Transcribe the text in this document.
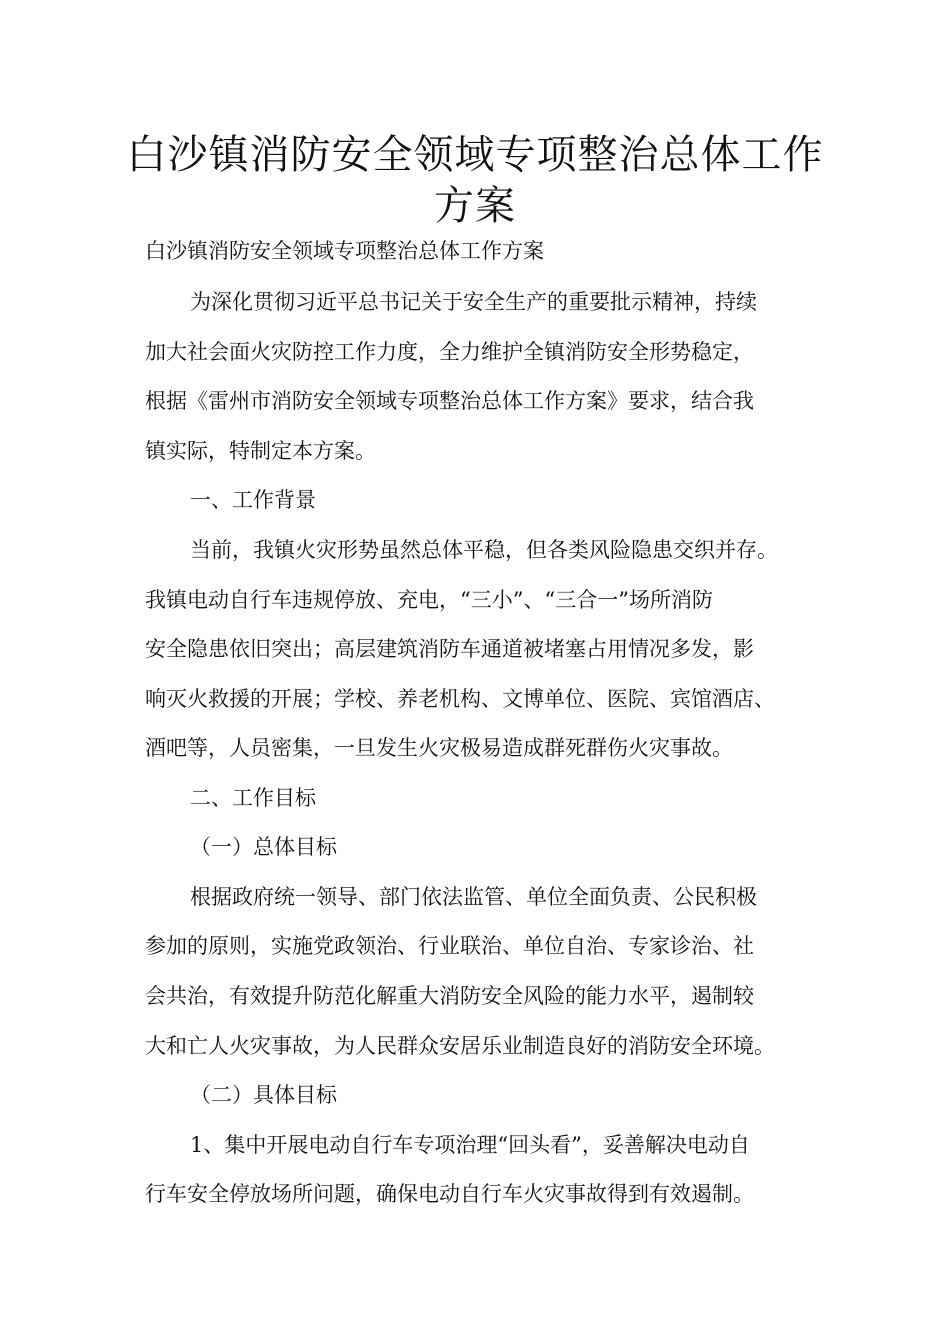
白沙镇消防安全领域专项整治总体工作
方案
白沙镇消防安全领域专项整治总体工作方案
为深化贯彻习近平总书记关于安全生产的重要批示精神，持续
加大社会面火灾防控工作力度，全力维护全镇消防安全形势稳定，
根据《雷州市消防安全领域专项整治总体工作方案》要求，结合我
镇实际，特制定本方案。
一、工作背景
当前，我镇火灾形势虽然总体平稳，但各类风险隐患交织并存。
我镇电动自行车违规停放、充电，“三小”、“三合一”场所消防
安全隐患依旧突出；高层建筑消防车通道被堵塞占用情况多发，影
响灭火救援的开展；学校、养老机构、文博单位、医院、宾馆酒店、
酒吧等，人员密集，一旦发生火灾极易造成群死群伤火灾事故。
二、工作目标
（一）总体目标
根据政府统一领导、部门依法监管、单位全面负责、公民积极
参加的原则，实施党政领治、行业联治、单位自治、专家诊治、社
会共治，有效提升防范化解重大消防安全风险的能力水平，遏制较
大和亡人火灾事故，为人民群众安居乐业制造良好的消防安全环境。
（二）具体目标
1、集中开展电动自行车专项治理“回头看”，妥善解决电动自
行车安全停放场所问题，确保电动自行车火灾事故得到有效遏制。
